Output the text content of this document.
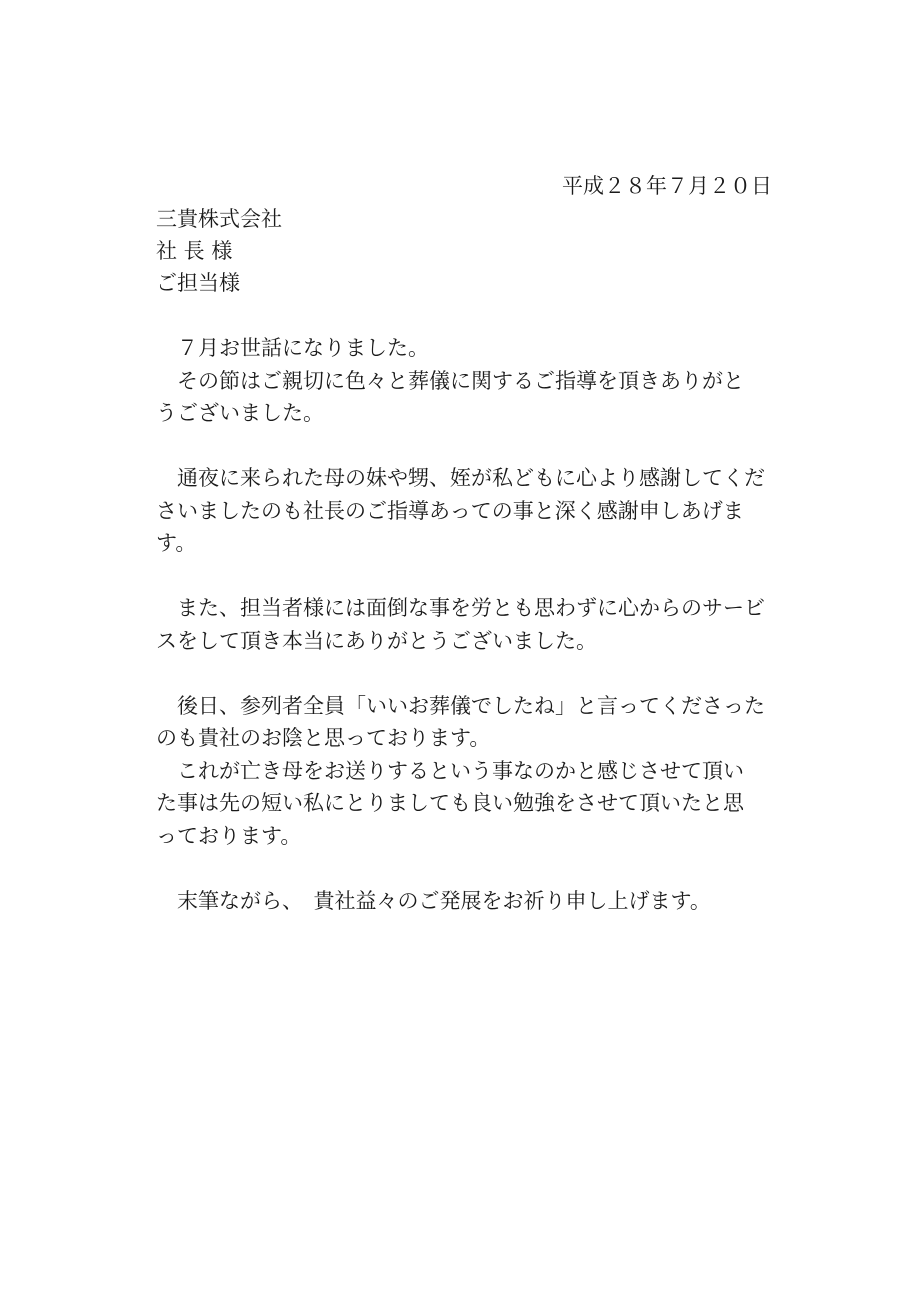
平成２８年７月２０日
三貴株式会社
社 長 様
ご担当様
　７月お世話になりました。
　その節はご親切に色々と葬儀に関するご指導を頂きありがと
うございました。
　通夜に来られた母の妹や甥、姪が私どもに心より感謝してくだ
さいましたのも社長のご指導あっての事と深く感謝申しあげま
す。
　また、担当者様には面倒な事を労とも思わずに心からのサービ
スをして頂き本当にありがとうございました。
　後日、参列者全員「いいお葬儀でしたね」と言ってくださった
のも貴社のお陰と思っております。
　これが亡き母をお送りするという事なのかと感じさせて頂い
た事は先の短い私にとりましても良い勉強をさせて頂いたと思
っております。
　末筆ながら、　貴社益々のご発展をお祈り申し上げます。
